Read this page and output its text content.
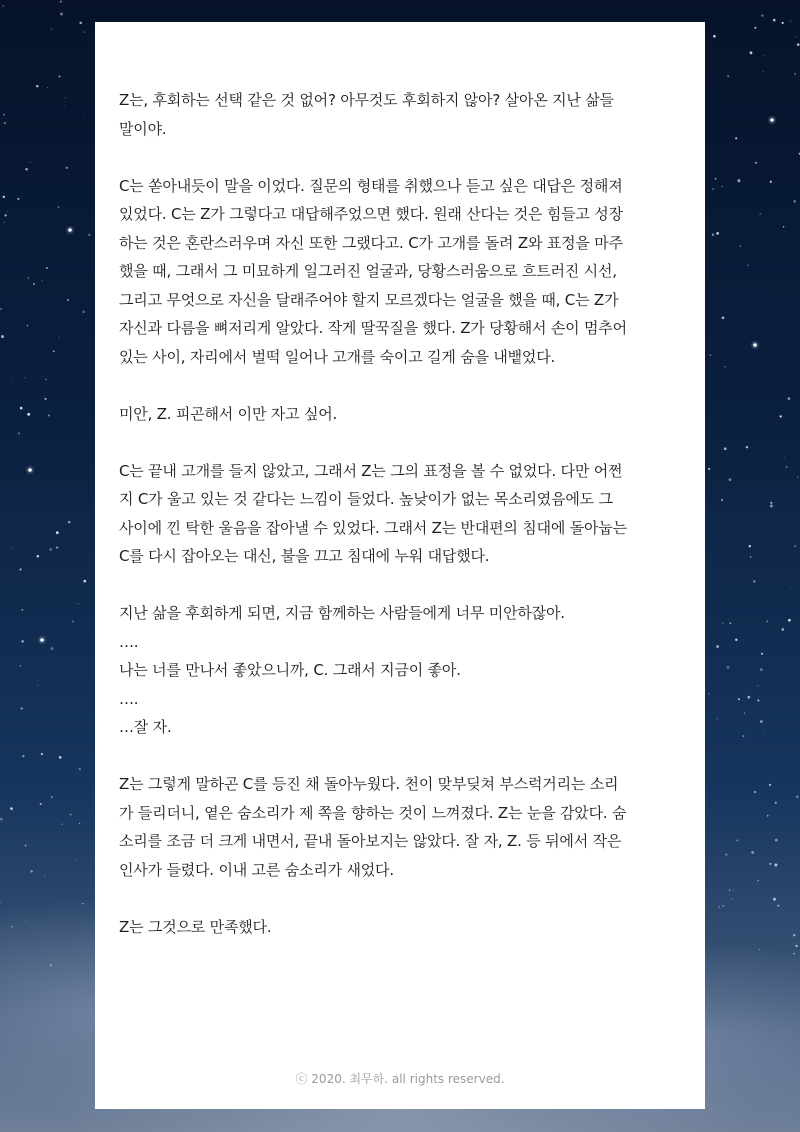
Z는, 후회하는 선택 같은 것 없어? 아무것도 후회하지 않아? 살아온 지난 삶들
말이야.
C는 쏟아내듯이 말을 이었다. 질문의 형태를 취했으나 듣고 싶은 대답은 정해져
있었다. C는 Z가 그렇다고 대답해주었으면 했다. 원래 산다는 것은 힘들고 성장
하는 것은 혼란스러우며 자신 또한 그랬다고. C가 고개를 돌려 Z와 표정을 마주
했을 때, 그래서 그 미묘하게 일그러진 얼굴과, 당황스러움으로 흐트러진 시선,
그리고 무엇으로 자신을 달래주어야 할지 모르겠다는 얼굴을 했을 때, C는 Z가
자신과 다름을 뼈저리게 알았다. 작게 딸꾹질을 했다. Z가 당황해서 손이 멈추어
있는 사이, 자리에서 벌떡 일어나 고개를 숙이고 길게 숨을 내뱉었다.
미안, Z. 피곤해서 이만 자고 싶어.
C는 끝내 고개를 들지 않았고, 그래서 Z는 그의 표정을 볼 수 없었다. 다만 어쩐
지 C가 울고 있는 것 같다는 느낌이 들었다. 높낮이가 없는 목소리였음에도 그
사이에 낀 탁한 울음을 잡아낼 수 있었다. 그래서 Z는 반대편의 침대에 돌아눕는
C를 다시 잡아오는 대신, 불을 끄고 침대에 누워 대답했다.
지난 삶을 후회하게 되면, 지금 함께하는 사람들에게 너무 미안하잖아.
….
나는 너를 만나서 좋았으니까, C. 그래서 지금이 좋아.
….
…잘 자.
Z는 그렇게 말하곤 C를 등진 채 돌아누웠다. 천이 맞부딪쳐 부스럭거리는 소리
가 들리더니, 옅은 숨소리가 제 쪽을 향하는 것이 느껴졌다. Z는 눈을 감았다. 숨
소리를 조금 더 크게 내면서, 끝내 돌아보지는 않았다. 잘 자, Z. 등 뒤에서 작은
인사가 들렸다. 이내 고른 숨소리가 새었다.
Z는 그것으로 만족했다.
ⓒ 2020. 최무하. all rights reserved.
